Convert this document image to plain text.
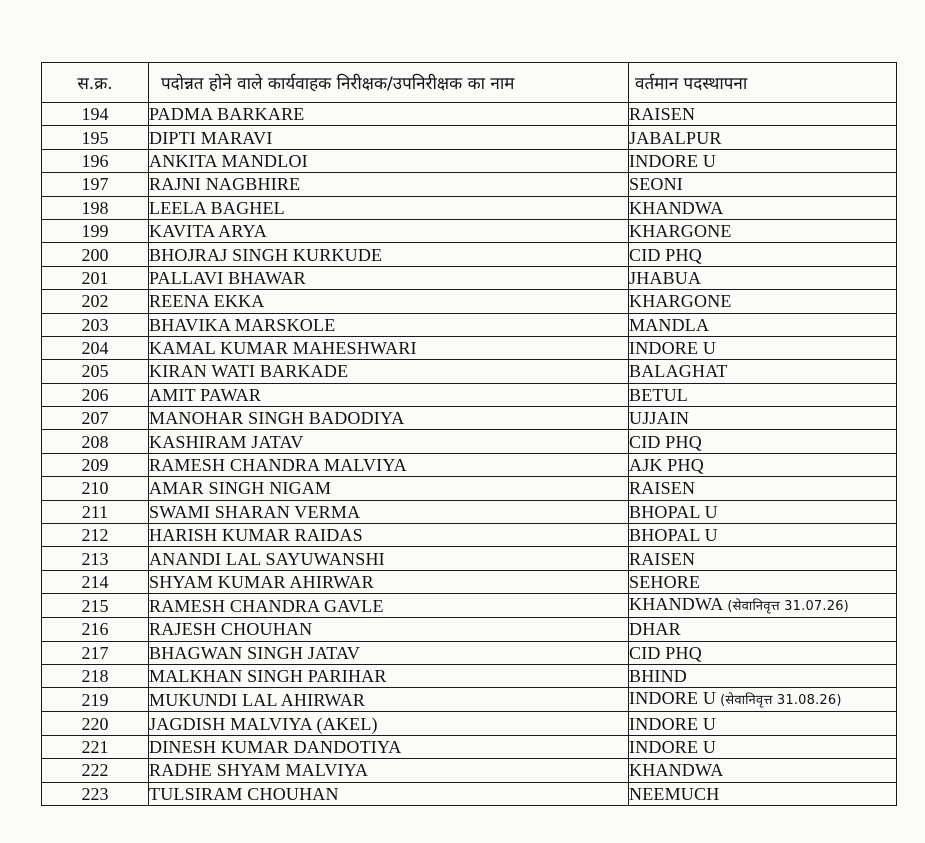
स.क्र.	पदोन्नत होने वाले कार्यवाहक निरीक्षक/उपनिरीक्षक का नाम	वर्तमान पदस्थापना
194	PADMA BARKARE	RAISEN
195	DIPTI MARAVI	JABALPUR
196	ANKITA MANDLOI	INDORE U
197	RAJNI NAGBHIRE	SEONI
198	LEELA BAGHEL	KHANDWA
199	KAVITA ARYA	KHARGONE
200	BHOJRAJ SINGH KURKUDE	CID PHQ
201	PALLAVI BHAWAR	JHABUA
202	REENA EKKA	KHARGONE
203	BHAVIKA MARSKOLE	MANDLA
204	KAMAL KUMAR MAHESHWARI	INDORE U
205	KIRAN WATI BARKADE	BALAGHAT
206	AMIT PAWAR	BETUL
207	MANOHAR SINGH BADODIYA	UJJAIN
208	KASHIRAM JATAV	CID PHQ
209	RAMESH CHANDRA MALVIYA	AJK PHQ
210	AMAR SINGH NIGAM	RAISEN
211	SWAMI SHARAN VERMA	BHOPAL U
212	HARISH KUMAR RAIDAS	BHOPAL U
213	ANANDI LAL SAYUWANSHI	RAISEN
214	SHYAM KUMAR AHIRWAR	SEHORE
215	RAMESH CHANDRA GAVLE	KHANDWA (सेवानिवृत्त 31.07.26)
216	RAJESH CHOUHAN	DHAR
217	BHAGWAN SINGH JATAV	CID PHQ
218	MALKHAN SINGH PARIHAR	BHIND
219	MUKUNDI LAL AHIRWAR	INDORE U (सेवानिवृत्त 31.08.26)
220	JAGDISH MALVIYA (AKEL)	INDORE U
221	DINESH KUMAR DANDOTIYA	INDORE U
222	RADHE SHYAM MALVIYA	KHANDWA
223	TULSIRAM CHOUHAN	NEEMUCH
